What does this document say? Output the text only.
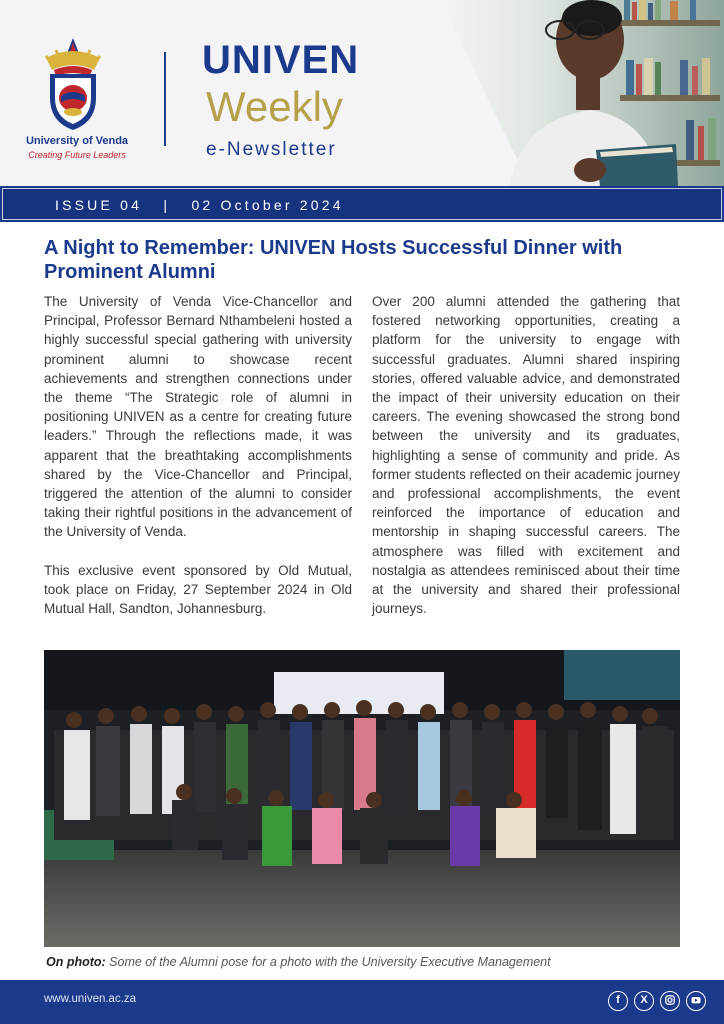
University of Venda
Creating Future Leaders
UNIVEN
Weekly
e-Newsletter
ISSUE 04   |   02 October 2024
A Night to Remember: UNIVEN Hosts Successful Dinner with Prominent Alumni

The University of Venda Vice-Chancellor and Principal, Professor Bernard Nthambeleni hosted a highly successful special gathering with university prominent alumni to showcase recent achievements and strengthen connections under the theme “The Strategic role of alumni in positioning UNIVEN as a centre for creating future leaders.” Through the reflections made, it was apparent that the breathtaking accomplishments shared by the Vice-Chancellor and Principal, triggered the attention of the alumni to consider taking their rightful positions in the advancement of the University of Venda.

This exclusive event sponsored by Old Mutual, took place on Friday, 27 September 2024 in Old Mutual Hall, Sandton, Johannesburg.

Over 200 alumni attended the gathering that fostered networking opportunities, creating a platform for the university to engage with successful graduates. Alumni shared inspiring stories, offered valuable advice, and demonstrated the impact of their university education on their careers. The evening showcased the strong bond between the university and its graduates, highlighting a sense of community and pride. As former students reflected on their academic journey and professional accomplishments, the event reinforced the importance of education and mentorship in shaping successful careers. The atmosphere was filled with excitement and nostalgia as attendees reminisced about their time at the university and shared their professional journeys.

On photo: Some of the Alumni pose for a photo with the University Executive Management
www.univen.ac.za	f	X
